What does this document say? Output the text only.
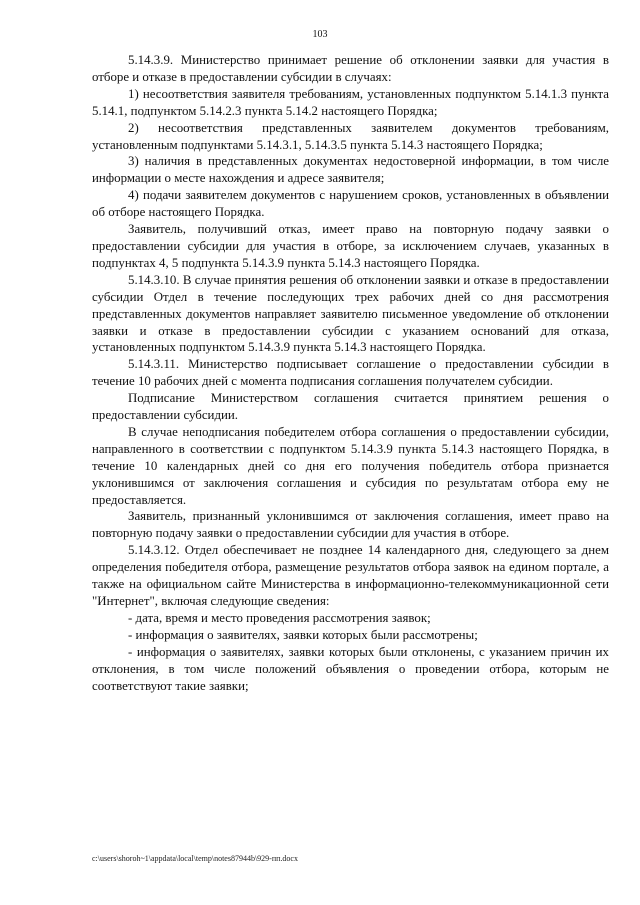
103

5.14.3.9. Министерство принимает решение об отклонении заявки для участия в отборе и отказе в предоставлении субсидии в случаях:

1) несоответствия заявителя требованиям, установленных подпунктом 5.14.1.3 пункта 5.14.1, подпунктом 5.14.2.3 пункта 5.14.2 настоящего Порядка;

2) несоответствия представленных заявителем документов требованиям, установленным подпунктами 5.14.3.1, 5.14.3.5 пункта 5.14.3 настоящего Порядка;

3) наличия в представленных документах недостоверной информации, в том числе информации о месте нахождения и адресе заявителя;

4) подачи заявителем документов с нарушением сроков, установленных в объявлении об отборе настоящего Порядка.

Заявитель, получивший отказ, имеет право на повторную подачу заявки о предоставлении субсидии для участия в отборе, за исключением случаев, указанных в подпунктах 4, 5 подпункта 5.14.3.9 пункта 5.14.3 настоящего Порядка.

5.14.3.10. В случае принятия решения об отклонении заявки и отказе в предоставлении субсидии Отдел в течение последующих трех рабочих дней со дня рассмотрения представленных документов направляет заявителю письменное уведомление об отклонении заявки и отказе в предоставлении субсидии с указанием оснований для отказа, установленных подпунктом 5.14.3.9 пункта 5.14.3 настоящего Порядка.

5.14.3.11. Министерство подписывает соглашение о предоставлении субсидии в течение 10 рабочих дней с момента подписания соглашения получателем субсидии.

Подписание Министерством соглашения считается принятием решения о предоставлении субсидии.

В случае неподписания победителем отбора соглашения о предоставлении субсидии, направленного в соответствии с подпунктом 5.14.3.9 пункта 5.14.3 настоящего Порядка, в течение 10 календарных дней со дня его получения победитель отбора признается уклонившимся от заключения соглашения и субсидия по результатам отбора ему не предоставляется.

Заявитель, признанный уклонившимся от заключения соглашения, имеет право на повторную подачу заявки о предоставлении субсидии для участия в отборе.

5.14.3.12. Отдел обеспечивает не позднее 14 календарного дня, следующего за днем определения победителя отбора, размещение результатов отбора заявок на едином портале, а также на официальном сайте Министерства в информационно-телекоммуникационной сети "Интернет", включая следующие сведения:

- дата, время и место проведения рассмотрения заявок;

- информация о заявителях, заявки которых были рассмотрены;

- информация о заявителях, заявки которых были отклонены, с указанием причин их отклонения, в том числе положений объявления о проведении отбора, которым не соответствуют такие заявки;

c:\users\shoroh~1\appdata\local\temp\notes87944b\929-пп.docx
